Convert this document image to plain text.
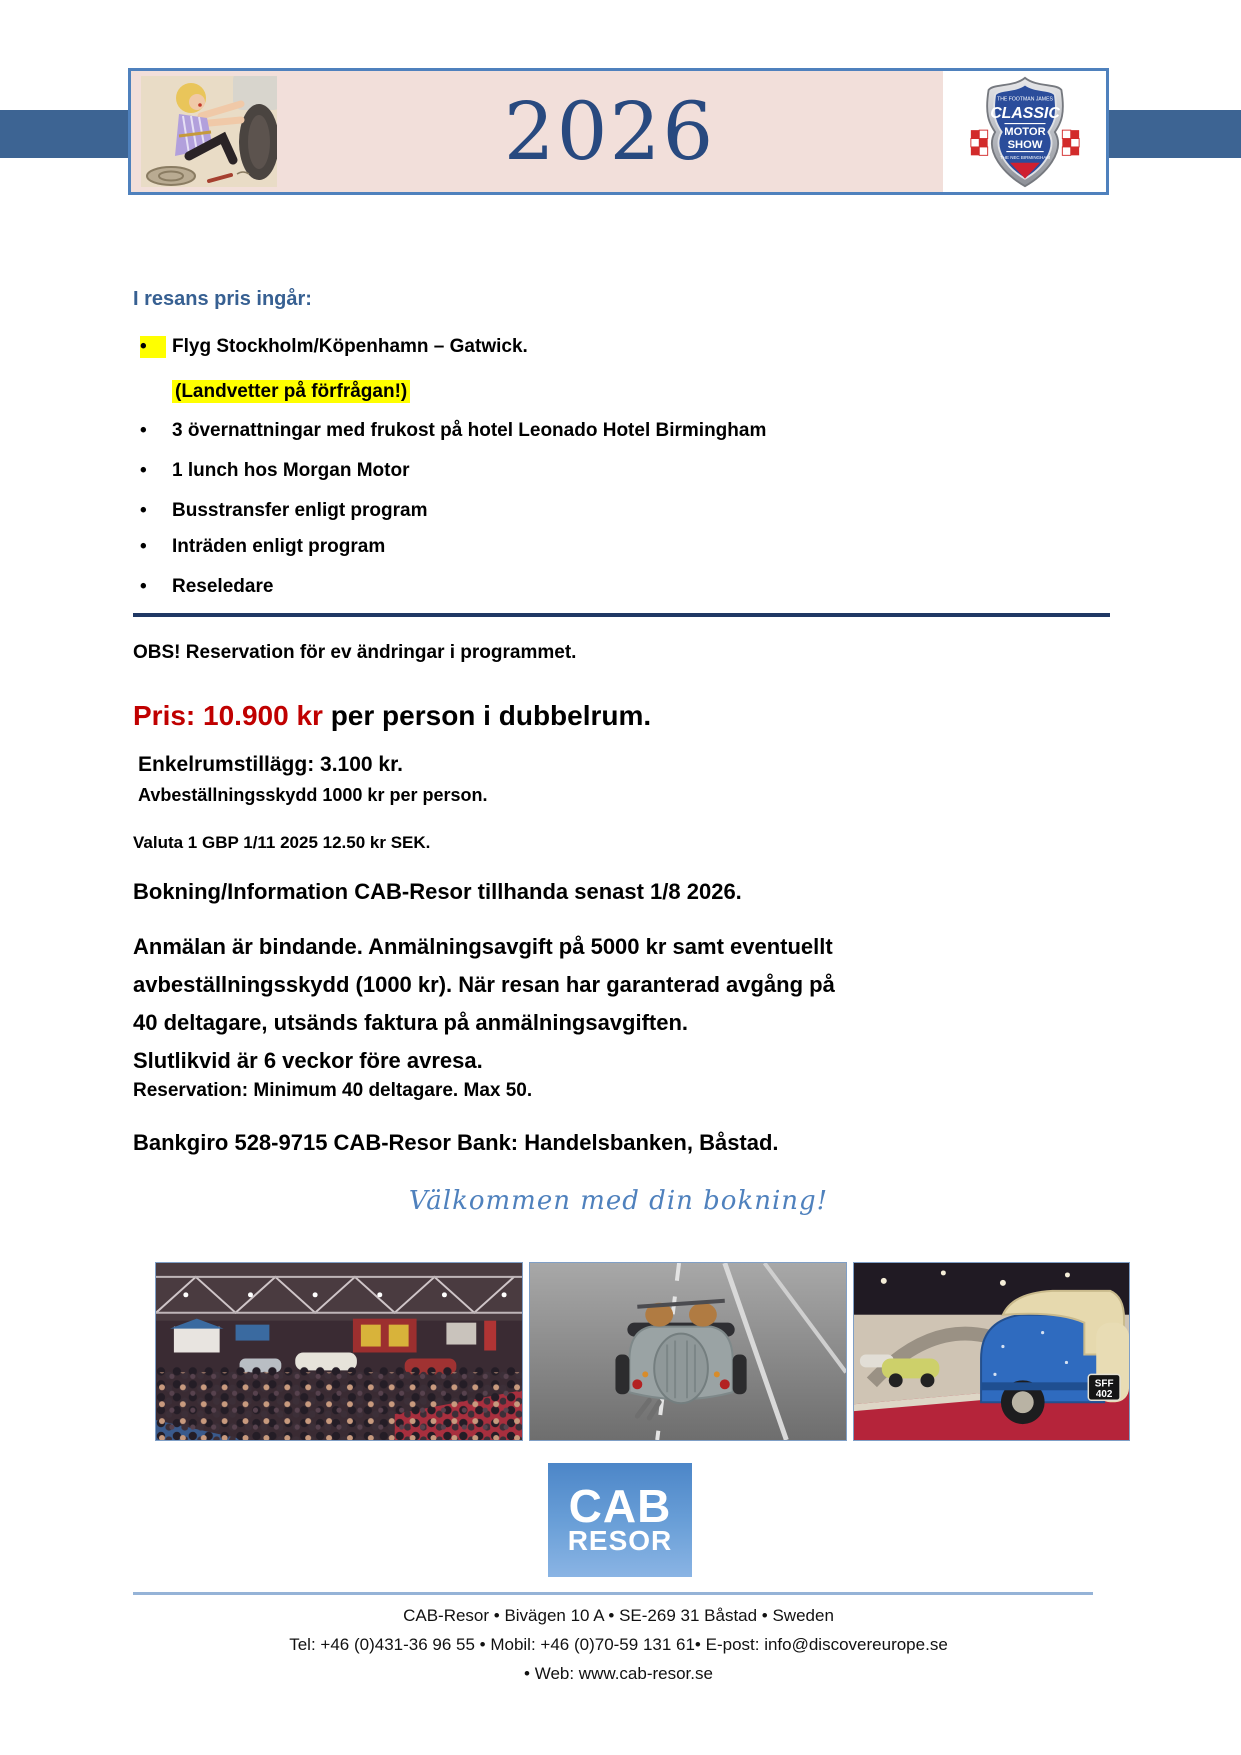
2026	THE FOOTMAN JAMES
CLASSIC
MOTOR
SHOW
THE NEC BIRMINGHAM
I resans pris ingår:
•	Flyg Stockholm/Köpenhamn – Gatwick.
(Landvetter på förfrågan!)
•	3 övernattningar med frukost på hotel Leonado Hotel Birmingham
•	1 lunch hos Morgan Motor
•	Busstransfer enligt program
•	Inträden enligt program
•	Reseledare
OBS! Reservation för ev ändringar i programmet.
Pris: 10.900 kr per person i dubbelrum.
Enkelrumstillägg: 3.100 kr.
Avbeställningsskydd 1000 kr per person.
Valuta 1 GBP 1/11 2025 12.50 kr SEK.
Bokning/Information CAB-Resor tillhanda senast 1/8 2026.
Anmälan är bindande. Anmälningsavgift på 5000 kr samt eventuellt
avbeställningsskydd (1000 kr). När resan har garanterad avgång på
40 deltagare, utsänds faktura på anmälningsavgiften.
Slutlikvid är 6 veckor före avresa.
Reservation: Minimum 40 deltagare. Max 50.
Bankgiro 528-9715 CAB-Resor Bank: Handelsbanken, Båstad.
Välkommen med din bokning!
SFF
402
CAB
RESOR
CAB-Resor • Bivägen 10 A • SE-269 31 Båstad • Sweden
Tel: +46 (0)431-36 96 55 • Mobil: +46 (0)70-59 131 61• E-post: info@discovereurope.se
• Web: www.cab-resor.se
